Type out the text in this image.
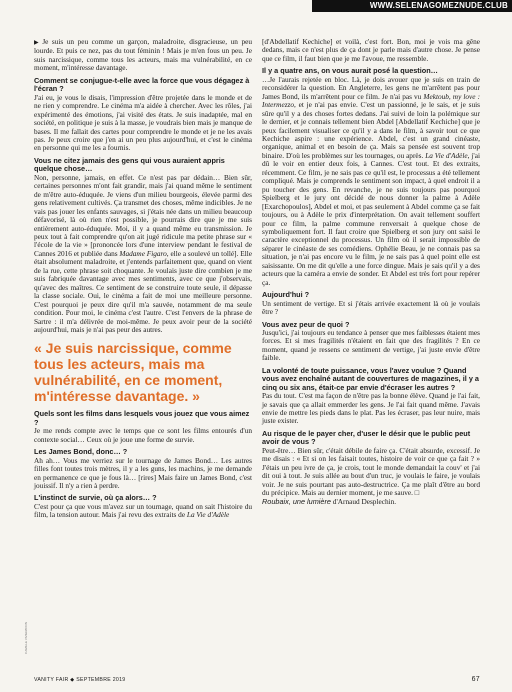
WWW.SELENAGOMEZNUDE.CLUB

▶ Je suis un peu comme un garçon, maladroite, disgracieuse, un peu lourde. Et puis ce nez, pas du tout féminin ! Mais je m'en fous un peu. Je suis narcissique, comme tous les acteurs, mais ma vulnérabilité, en ce moment, m'intéresse davantage.

Comment se conjugue-t-elle avec la force que vous dégagez à l'écran ?

J'ai eu, je vous le disais, l'impression d'être projetée dans le monde et de ne rien y comprendre. Le cinéma m'a aidée à chercher. Avec les rôles, j'ai expérimenté des émotions, j'ai visité des états. Je suis inadaptée, mal en société, en politique je suis à la masse, je voudrais bien mais je manque de bases. Il me fallait des cartes pour comprendre le monde et je ne les avais pas. Je peux croire que j'en ai un peu plus aujourd'hui, et c'est le cinéma en personne qui me les a fournis.

Vous ne citez jamais des gens qui vous auraient appris quelque chose…

Non, personne, jamais, en effet. Ce n'est pas par dédain… Bien sûr, certaines personnes m'ont fait grandir, mais j'ai quand même le sentiment de m'être auto-éduquée. Je viens d'un milieu bourgeois, élevée parmi des gens relativement cultivés. Ça transmet des choses, même indicibles. Je ne vais pas jouer les enfants sauvages, si j'étais née dans un milieu beaucoup défavorisé, là où rien n'est possible, je pourrais dire que je me suis entièrement auto-éduquée. Moi, il y a quand même eu transmission. Je peux tout à fait comprendre qu'on ait jugé ridicule ma petite phrase sur « l'école de la vie » [prononcée lors d'une interview pendant le festival de Cannes 2016 et publiée dans Madame Figaro, elle a soulevé un tollé]. Elle était absolument maladroite, et j'entends parfaitement que, quand on vient de la rue, cette phrase soit choquante. Je voulais juste dire combien je me suis fabriquée davantage avec mes sentiments, avec ce que j'observais, qu'avec des maîtres. Ce sentiment de se construire toute seule, il dépasse la classe sociale. Oui, le cinéma a fait de moi une meilleure personne. C'est pourquoi je peux dire qu'il m'a sauvée, notamment de ma seule condition. Pour moi, le cinéma c'est l'autre. C'est l'envers de la phrase de Sartre : il m'a délivrée de moi-même. Je peux avoir peur de la société aujourd'hui, mais je n'ai pas peur des autres.

« Je suis narcissique, comme tous les acteurs, mais ma vulnérabilité, en ce moment, m'intéresse davantage. »
Quels sont les films dans lesquels vous jouez que vous aimez ?

Je me rends compte avec le temps que ce sont les films entourés d'un contexte social… Ceux où je joue une forme de survie.

Les James Bond, donc… ?

Ah ah… Vous me verriez sur le tournage de James Bond… Les autres filles font toutes trois mètres, il y a les guns, les machins, je me demande en permanence ce que je fous là… [rires] Mais faire un James Bond, c'est jouissif. Il n'y a rien à perdre.

L'instinct de survie, où ça alors… ?

C'est pour ça que vous m'avez sur un tournage, quand on sait l'histoire du film, la tension autour. Mais j'ai revu des extraits de La Vie d'Adèle

[d'Abdellatif Kechiche] et voilà, c'est fort. Bon, moi je vois ma gêne dedans, mais ce n'est plus de ça dont je parle mais d'autre chose. Je pense que ce film, il faut bien que je me l'avoue, me ressemble.

Il y a quatre ans, on vous aurait posé la question…

…Je l'aurais rejetée en bloc. Là, je dois avouer que je suis en train de reconsidérer la question. En Angleterre, les gens ne m'arrêtent pas pour James Bond, ils m'arrêtent pour ce film. Je n'ai pas vu Mektoub, my love : Intermezzo, et je n'ai pas envie. C'est un passionné, je le sais, et je suis sûre qu'il y a des choses fortes dedans. J'ai suivi de loin la polémique sur le dernier, et je connais tellement bien Abdel [Abdellatif Kechiche] que je peux facilement visualiser ce qu'il y a dans le film, à savoir tout ce que Kechiche aspire : une expérience. Abdel, c'est un grand cinéaste, organique, animal et en besoin de ça. Mais sa pensée est souvent trop binaire. D'où les problèmes sur les tournages, ou après. La Vie d'Adèle, j'ai dû le voir en entier deux fois, à Cannes. C'est tout. Et des extraits, récemment. Ce film, je ne sais pas ce qu'il est, le processus a été tellement compliqué. Mais je comprends le sentiment son impact, à quel endroit il a pu toucher des gens. En revanche, je ne suis toujours pas pourquoi Spielberg et le jury ont décidé de nous donner la palme à Adèle [Exarchopoulos], Abdel et moi, et pas seulement à Abdel comme ça se fait toujours, ou à Adèle le prix d'interprétation. On avait tellement souffert pour ce film, la palme commune renversait à quelque chose de symboliquement fort. Il faut croire que Spielberg et son jury ont saisi le caractère exceptionnel du processus. Un film où il serait impossible de séparer le cinéaste de ses comédiens. Ophélie Beau, je ne connais pas sa situation, je n'ai pas encore vu le film, je ne sais pas à quel point elle est saisissante. On me dit qu'elle a une force dingue. Mais je sais qu'il y a des acteurs que la caméra a envie de sonder. Et Abdel est très fort pour repérer ça.

Aujourd'hui ?

Un sentiment de vertige. Et si j'étais arrivée exactement là où je voulais être ?

Vous avez peur de quoi ?

Jusqu'ici, j'ai toujours eu tendance à penser que mes faiblesses étaient mes forces. Et si mes fragilités n'étaient en fait que des fragilités ? En ce moment, quand je ressens ce sentiment de vertige, j'ai juste envie d'être faible.

La volonté de toute puissance, vous l'avez voulue ? Quand vous avez enchaîné autant de couvertures de magazines, il y a cinq ou six ans, était-ce par envie d'écraser les autres ?

Pas du tout. C'est ma façon de n'être pas la bonne élève. Quand je l'ai fait, je savais que ça allait emmerder les gens. Je l'ai fait quand même. J'avais envie de mettre les pieds dans le plat. Pas les écraser, pas leur nuire, mais juste exister.

Au risque de le payer cher, d'user le désir que le public peut avoir de vous ?

Peut-être… Bien sûr, c'était débile de faire ça. C'était absurde, excessif. Je me disais : « Et si on les faisait toutes, histoire de voir ce que ça fait ? » J'étais un peu ivre de ça, je crois, tout le monde demandait la couv' et j'ai dit oui à tout. Je suis allée au bout d'un truc, je voulais le faire, je voulais voir. Je ne suis pourtant pas auto-destructrice. Ça me plaît d'être au bord du précipice. Mais au dernier moment, je me sauve. □

Roubaix, une lumière d'Arnaud Desplechin.

CAMILLE VIVIER/ICON
VANITY FAIR ◆ SEPTEMBRE 2019	67
